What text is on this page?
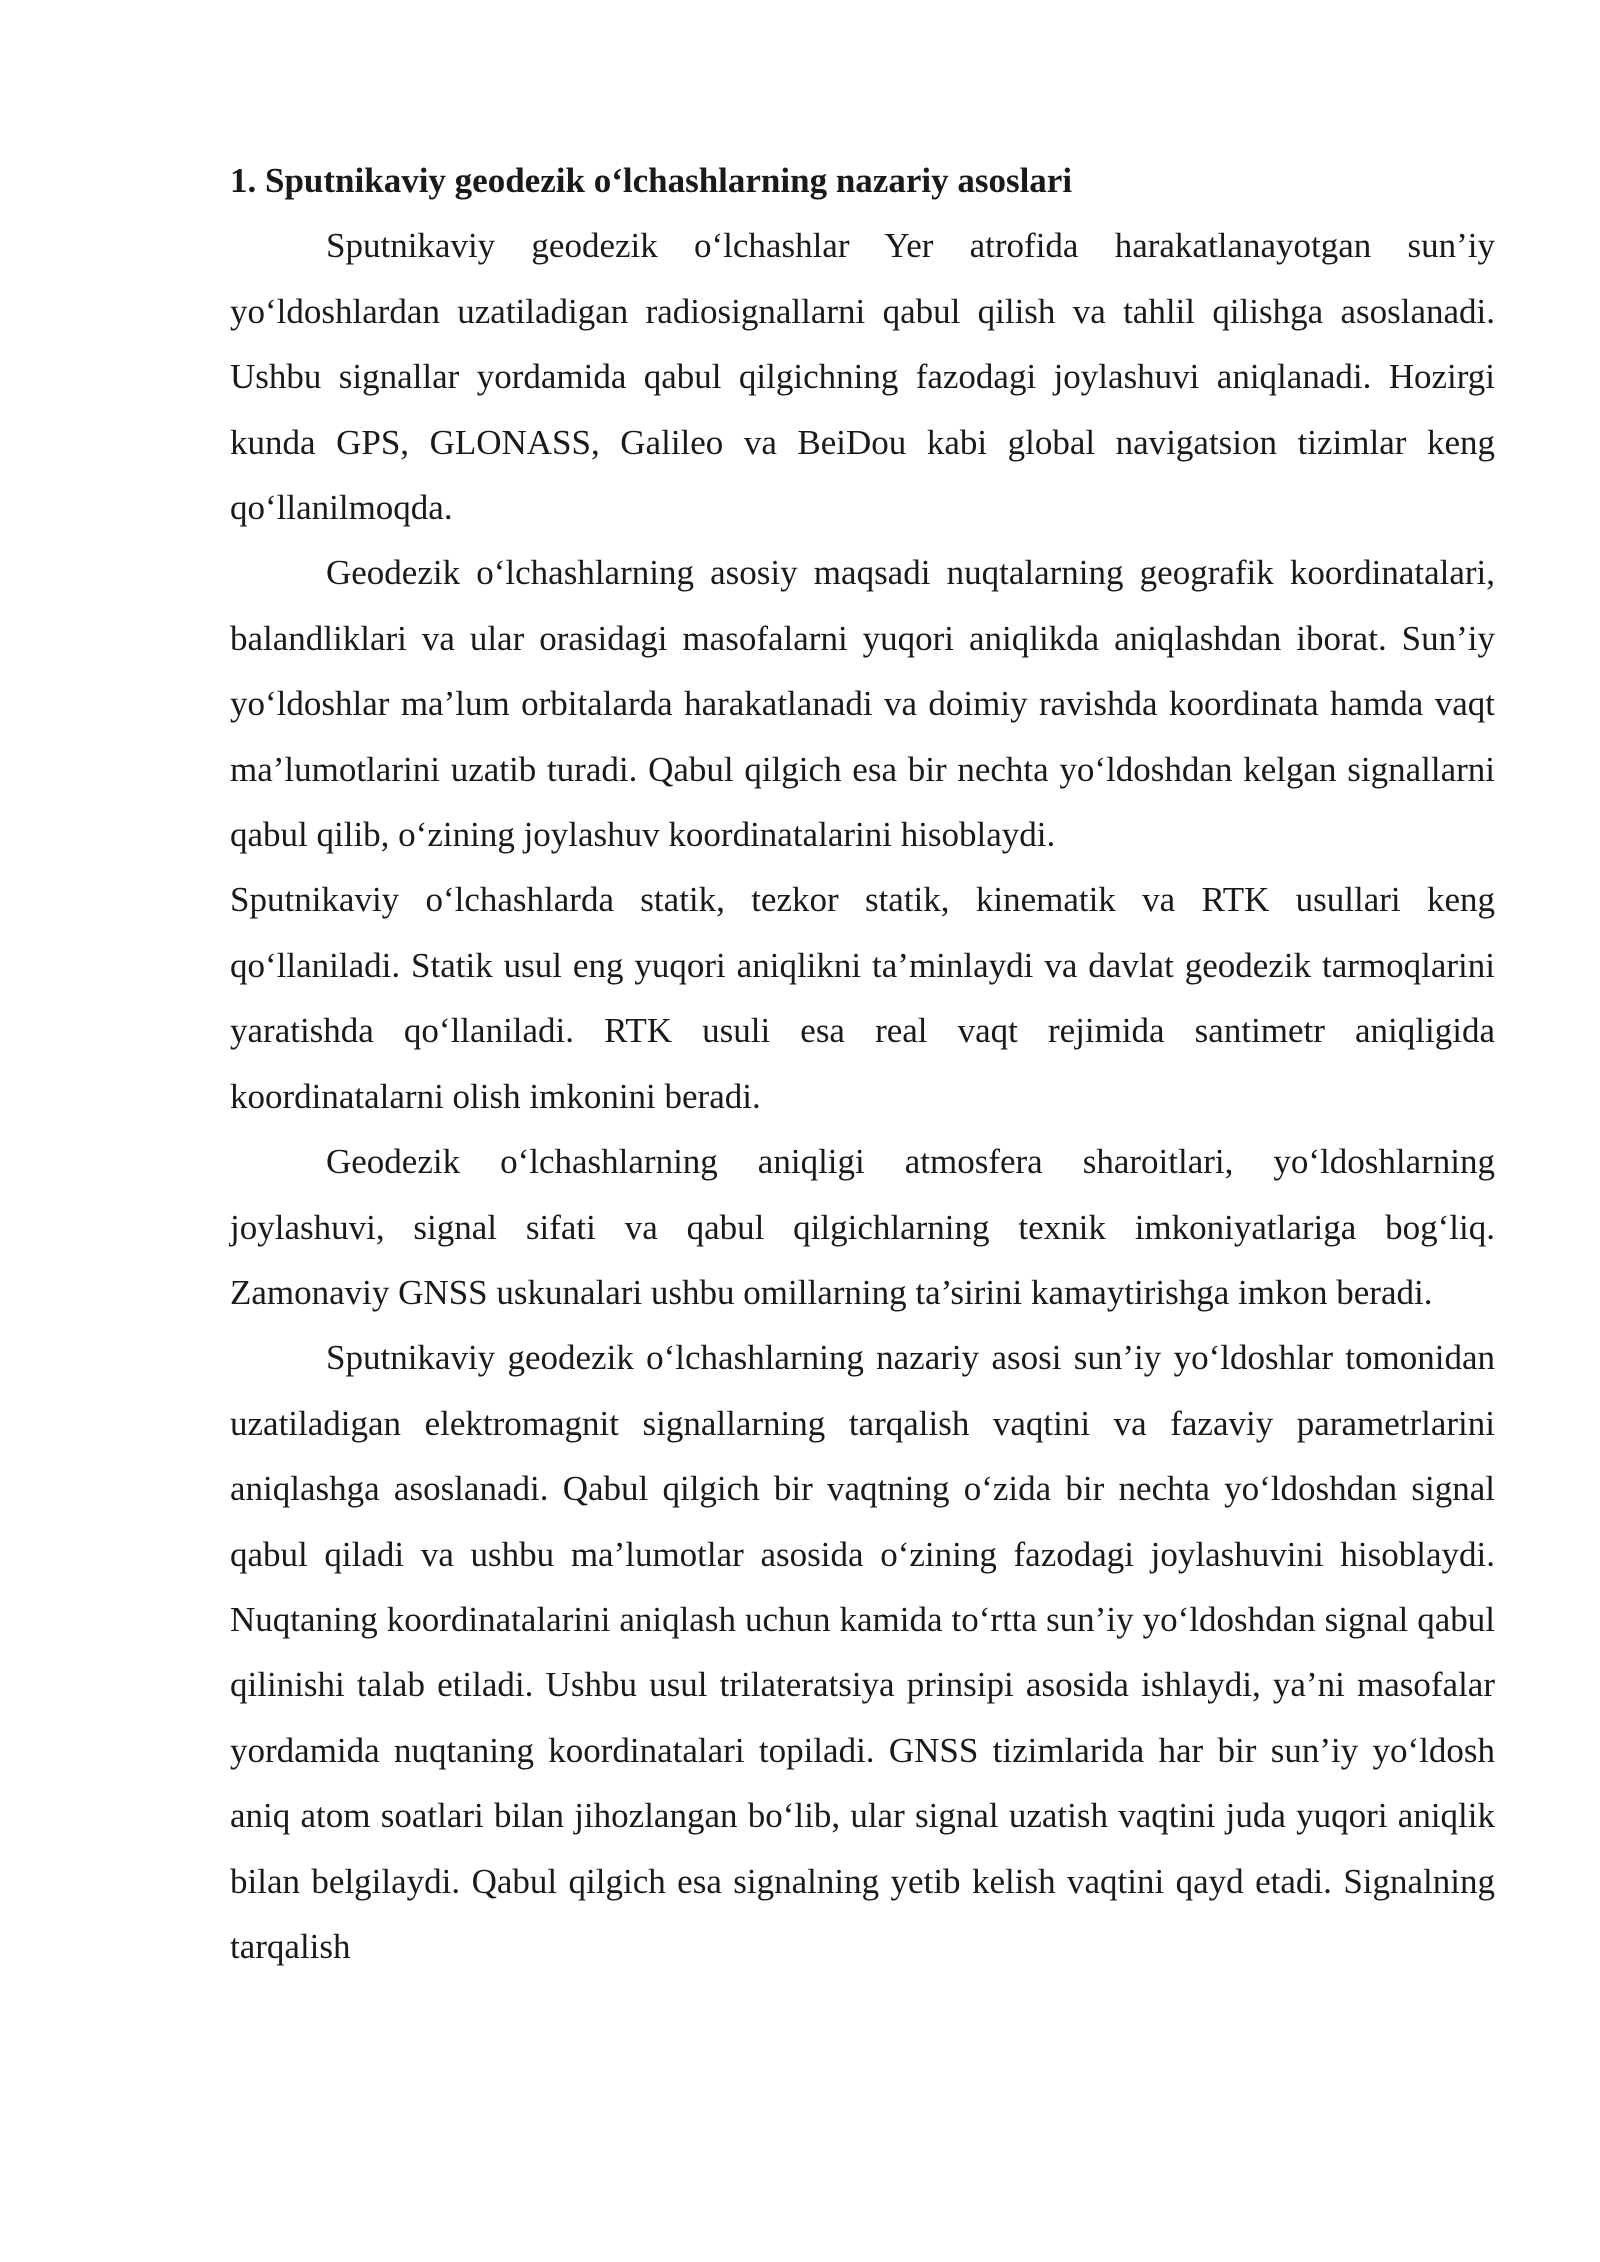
1. Sputnikaviy geodezik o‘lchashlarning nazariy asoslari

Sputnikaviy geodezik o‘lchashlar Yer atrofida harakatlanayotgan sun’iy yo‘ldoshlardan uzatiladigan radiosignallarni qabul qilish va tahlil qilishga asoslanadi. Ushbu signallar yordamida qabul qilgichning fazodagi joylashuvi aniqlanadi. Hozirgi kunda GPS, GLONASS, Galileo va BeiDou kabi global navigatsion tizimlar keng qo‘llanilmoqda.

Geodezik o‘lchashlarning asosiy maqsadi nuqtalarning geografik koordinatalari, balandliklari va ular orasidagi masofalarni yuqori aniqlikda aniqlashdan iborat. Sun’iy yo‘ldoshlar ma’lum orbitalarda harakatlanadi va doimiy ravishda koordinata hamda vaqt ma’lumotlarini uzatib turadi. Qabul qilgich esa bir nechta yo‘ldoshdan kelgan signallarni qabul qilib, o‘zining joylashuv koordinatalarini hisoblaydi.

Sputnikaviy o‘lchashlarda statik, tezkor statik, kinematik va RTK usullari keng qo‘llaniladi. Statik usul eng yuqori aniqlikni ta’minlaydi va davlat geodezik tarmoqlarini yaratishda qo‘llaniladi. RTK usuli esa real vaqt rejimida santimetr aniqligida koordinatalarni olish imkonini beradi.

Geodezik o‘lchashlarning aniqligi atmosfera sharoitlari, yo‘ldoshlarning joylashuvi, signal sifati va qabul qilgichlarning texnik imkoniyatlariga bog‘liq. Zamonaviy GNSS uskunalari ushbu omillarning ta’sirini kamaytirishga imkon beradi.

Sputnikaviy geodezik o‘lchashlarning nazariy asosi sun’iy yo‘ldoshlar tomonidan uzatiladigan elektromagnit signallarning tarqalish vaqtini va fazaviy parametrlarini aniqlashga asoslanadi. Qabul qilgich bir vaqtning o‘zida bir nechta yo‘ldoshdan signal qabul qiladi va ushbu ma’lumotlar asosida o‘zining fazodagi joylashuvini hisoblaydi. Nuqtaning koordinatalarini aniqlash uchun kamida to‘rtta sun’iy yo‘ldoshdan signal qabul qilinishi talab etiladi. Ushbu usul trilateratsiya prinsipi asosida ishlaydi, ya’ni masofalar yordamida nuqtaning koordinatalari topiladi. GNSS tizimlarida har bir sun’iy yo‘ldosh aniq atom soatlari bilan jihozlangan bo‘lib, ular signal uzatish vaqtini juda yuqori aniqlik bilan belgilaydi. Qabul qilgich esa signalning yetib kelish vaqtini qayd etadi. Signalning tarqalish
